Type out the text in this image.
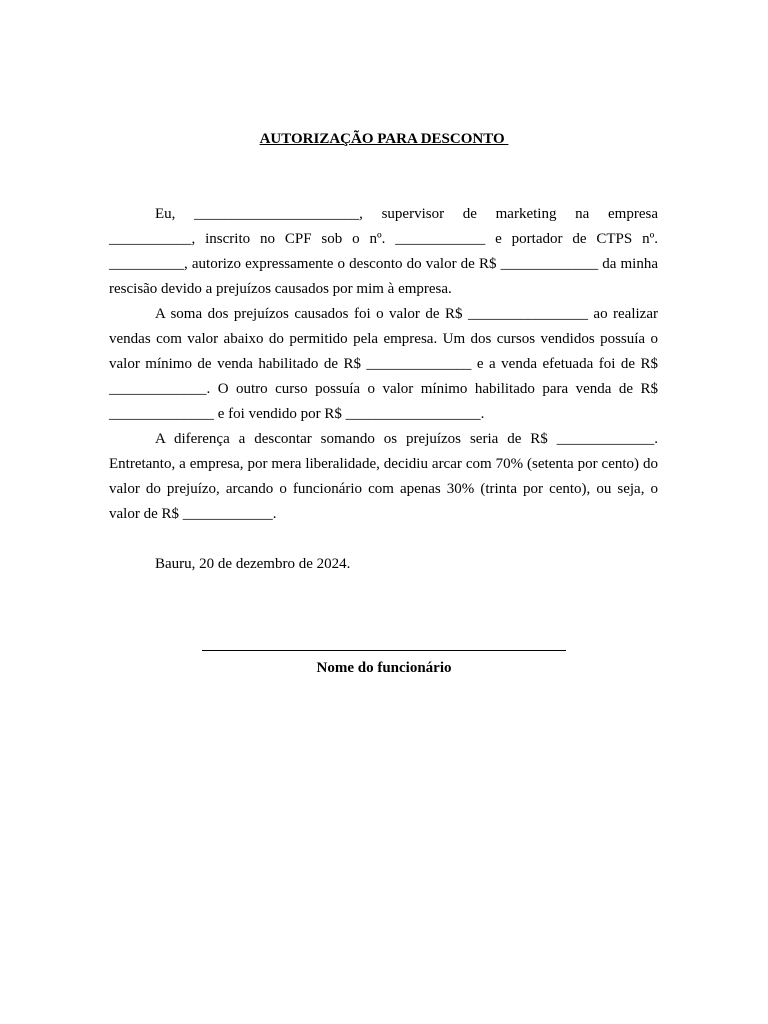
AUTORIZAÇÃO PARA DESCONTO

Eu, ______________________, supervisor de marketing na empresa ___________, inscrito no CPF sob o nº. ____________ e portador de CTPS nº. __________, autorizo expressamente o desconto do valor de R$ _____________ da minha rescisão devido a prejuízos causados por mim à empresa.

A soma dos prejuízos causados foi o valor de R$ ________________ ao realizar vendas com valor abaixo do permitido pela empresa. Um dos cursos vendidos possuía o valor mínimo de venda habilitado de R$ ______________ e a venda efetuada foi de R$ _____________. O outro curso possuía o valor mínimo habilitado para venda de R$ ______________ e foi vendido por R$ __________________.

A diferença a descontar somando os prejuízos seria de R$ _____________. Entretanto, a empresa, por mera liberalidade, decidiu arcar com 70% (setenta por cento) do valor do prejuízo, arcando o funcionário com apenas 30% (trinta por cento), ou seja, o valor de R$ ____________.

Bauru, 20 de dezembro de 2024.

Nome do funcionário
